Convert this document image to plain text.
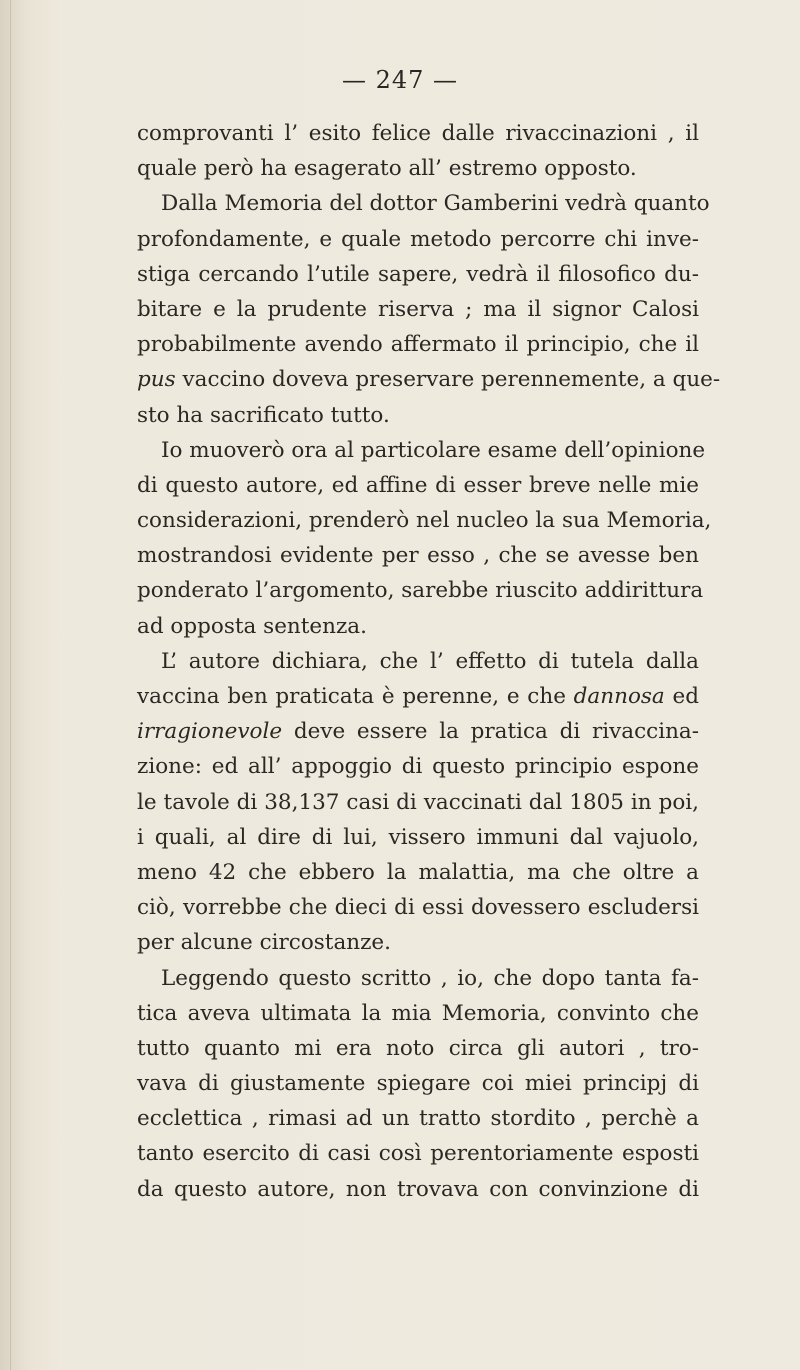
— 247 —
comprovanti l’ esito felice dalle rivaccinazioni , il
quale però ha esagerato all’ estremo opposto.
Dalla Memoria del dottor Gamberini vedrà quanto
profondamente, e quale metodo percorre chi inve-
stiga cercando l’utile sapere, vedrà il filosofico du-
bitare e la prudente riserva ; ma il signor Calosi
probabilmente avendo affermato il principio, che il
pus vaccino doveva preservare perennemente, a que-
sto ha sacrificato tutto.
Io muoverò ora al particolare esame dell’opinione
di questo autore, ed affine di esser breve nelle mie
considerazioni, prenderò nel nucleo la sua Memoria,
mostrandosi evidente per esso , che se avesse ben
ponderato l’argomento, sarebbe riuscito addirittura
ad opposta sentenza.
L’ autore dichiara, che l’ effetto di tutela dalla
vaccina ben praticata è perenne, e che dannosa ed
irragionevole deve essere la pratica di rivaccina-
zione: ed all’ appoggio di questo principio espone
le tavole di 38,137 casi di vaccinati dal 1805 in poi,
i quali, al dire di lui, vissero immuni dal vajuolo,
meno 42 che ebbero la malattia, ma che oltre a
ciò, vorrebbe che dieci di essi dovessero escludersi
per alcune circostanze.
Leggendo questo scritto , io, che dopo tanta fa-
tica aveva ultimata la mia Memoria, convinto che
tutto quanto mi era noto circa gli autori , tro-
vava di giustamente spiegare coi miei principj di
ecclettica , rimasi ad un tratto stordito , perchè a
tanto esercito di casi così perentoriamente esposti
da questo autore, non trovava con convinzione di
